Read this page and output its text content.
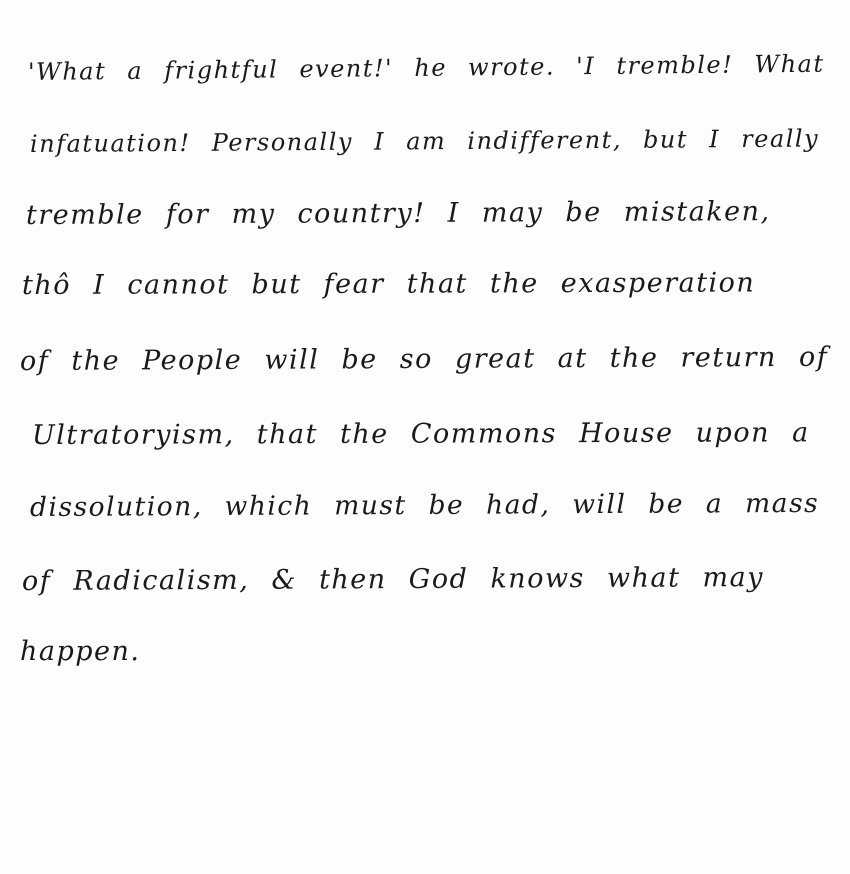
'What a frightful event!' he wrote. 'I tremble! What
infatuation! Personally I am indifferent, but I really
tremble for my country! I may be mistaken,
thô I cannot but fear that the exasperation
of the People will be so great at the return of
Ultratoryism, that the Commons House upon a
dissolution, which must be had, will be a mass
of Radicalism, & then God knows what may
happen.
